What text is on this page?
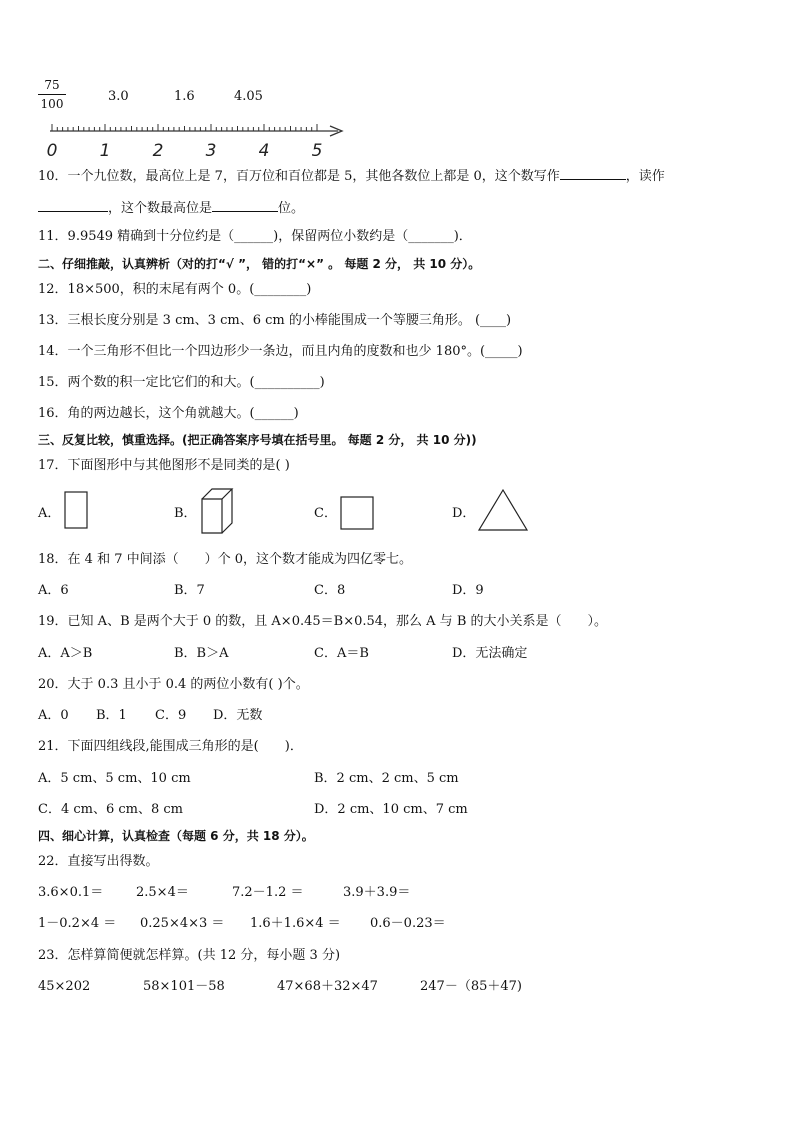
75
100	3.0	1.6	4.05
0 1 2 3 4 5
10．一个九位数，最高位上是 7，百万位和百位都是 5，其他各数位上都是 0，这个数写作	，读作
，这个数最高位是	位。
11．9.9549 精确到十分位约是（______)，保留两位小数约是（_______)．
二、仔细推敲，认真辨析（对的打“√ ”， 错的打“×” 。 每题 2 分， 共 10 分）。
12．18×500，积的末尾有两个 0。(________)
13．三根长度分别是 3 cm、3 cm、6 cm 的小棒能围成一个等腰三角形。 (____)
14．一个三角形不但比一个四边形少一条边，而且内角的度数和也少 180°。(_____)
15．两个数的积一定比它们的和大。(__________)
16．角的两边越长，这个角就越大。(______)
三、反复比较，慎重选择。(把正确答案序号填在括号里。 每题 2 分， 共 10 分))
17．下面图形中与其他图形不是同类的是( )
A．	B．	C．	D．
18．在 4 和 7 中间添（　　）个 0，这个数才能成为四亿零七。
A．6	B．7	C．8	D．9
19．已知 A、B 是两个大于 0 的数，且 A×0.45＝B×0.54，那么 A 与 B 的大小关系是（　　）。
A．A＞B	B．B＞A	C．A＝B	D．无法确定
20．大于 0.3 且小于 0.4 的两位小数有( )个。
A．0 B．1 C．9 D．无数
21．下面四组线段,能围成三角形的是(　　)．
A．5 cm、5 cm、10 cm	B．2 cm、2 cm、5 cm
C．4 cm、6 cm、8 cm	D．2 cm、10 cm、7 cm
四、细心计算，认真检查（每题 6 分，共 18 分）。
22．直接写出得数。
3.6×0.1＝	2.5×4＝	7.2－1.2 ＝	3.9＋3.9＝
1－0.2×4 ＝ 0.25×4×3 ＝ 1.6＋1.6×4 ＝ 0.6－0.23＝
23．怎样算简便就怎样算。(共 12 分，每小题 3 分)
45×202	58×101－58	47×68＋32×47	247－（85＋47)
